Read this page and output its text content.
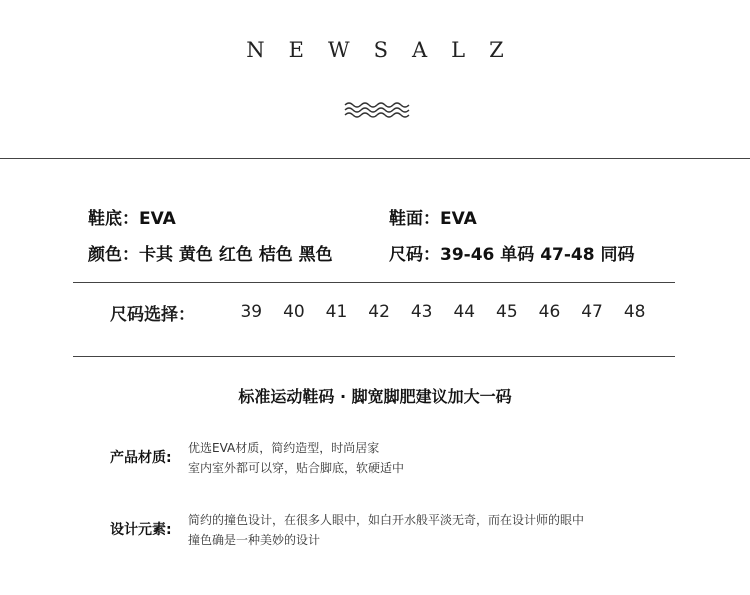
NEWSALZ
鞋底：EVA	鞋面：EVA
颜色：卡其 黄色 红色 桔色 黑色	尺码：39-46 单码 47-48 同码
尺码选择：	39	40	41	42	43	44	45	46	47	48
标准运动鞋码 · 脚宽脚肥建议加大一码
产品材质:
优选EVA材质，简约造型，时尚居家
室内室外都可以穿，贴合脚底，软硬适中
设计元素:
简约的撞色设计，在很多人眼中，如白开水般平淡无奇，而在设计师的眼中
撞色确是一种美妙的设计
